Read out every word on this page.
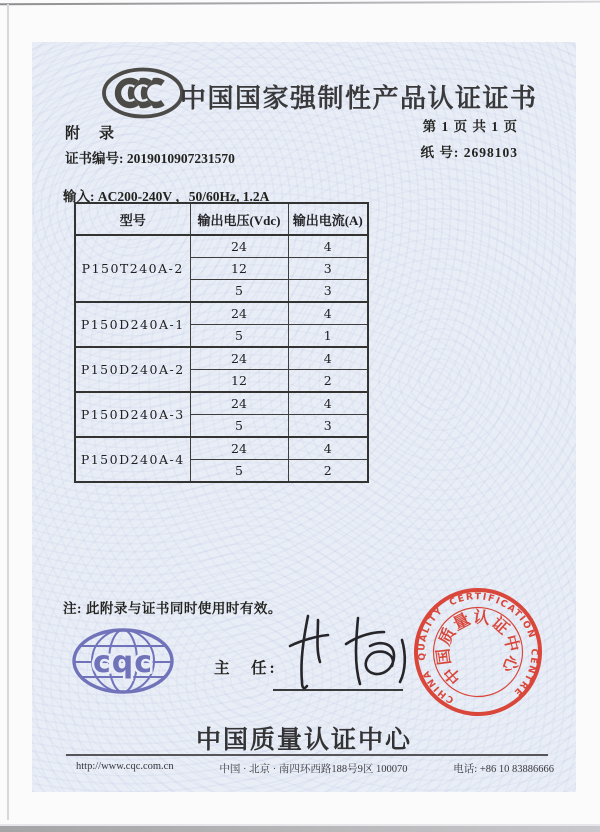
中国国家强制性产品认证证书
附　录	第 1 页 共 1 页
纸 号: 2698103
证书编号: 2019010907231570
输入: AC200-240V ，50/60Hz, 1.2A
型号	输出电压(Vdc)	输出电流(A)
P150T240A-2	24	4
	12	3
	5	3
P150D240A-1	24	4
	5	1
P150D240A-2	24	4
	12	2
P150D240A-3	24	4
	5	3
P150D240A-4	24	4
	5	2
注: 此附录与证书同时使用时有效。
cqc	主　任:
CHINA QUALITY CERTIFICATION CENTRE
中国质量认证中心
中国质量认证中心
http://www.cqc.com.cn	中国 · 北京 · 南四环西路188号9区 100070	电话: +86 10 83886666
